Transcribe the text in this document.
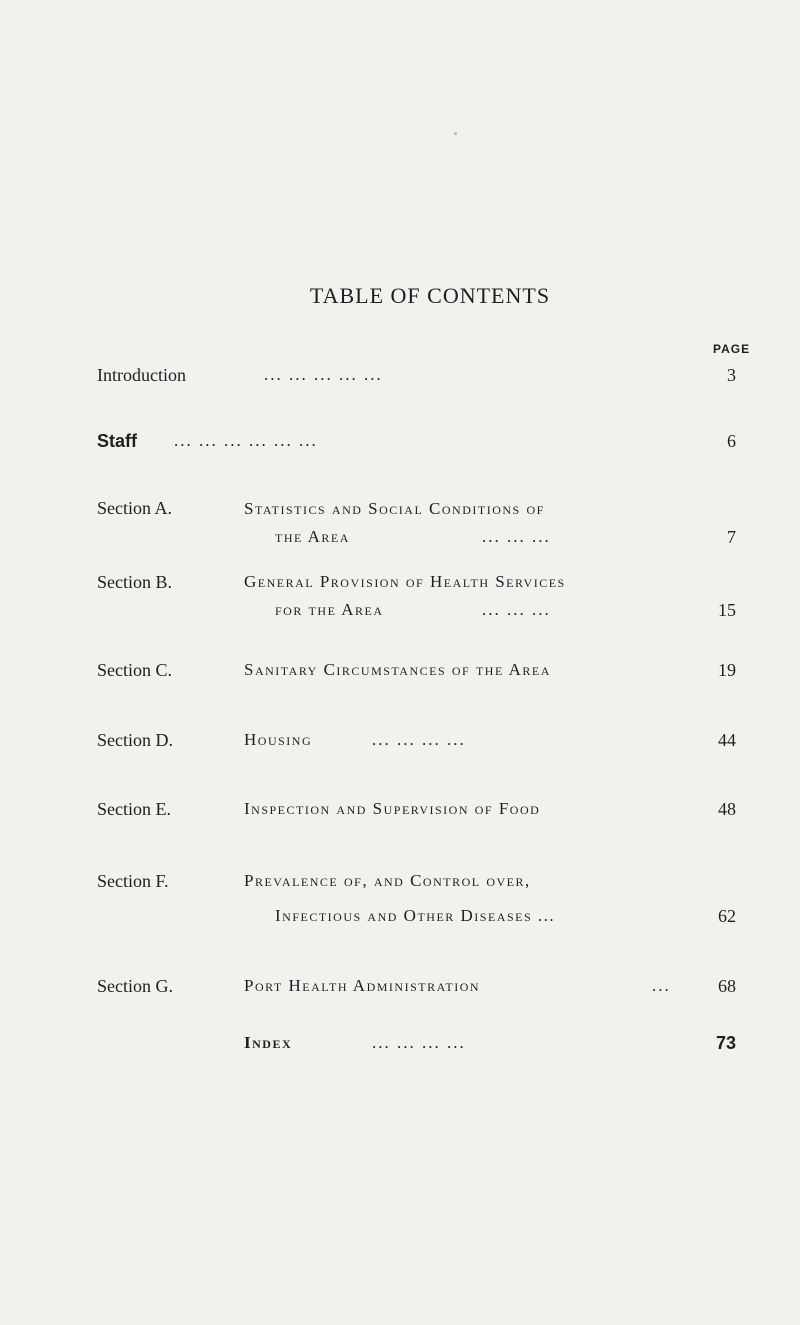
TABLE OF CONTENTS
PAGE
Introduction	... ... ... ... ...	3
Staff ... ... ... ... ... ...	6
Section A.	Statistics and Social Conditions of
the Area	... ... ...	7
Section B.	General Provision of Health Services
for the Area	... ... ...	15
Section C.	Sanitary Circumstances of the Area	19
Section D.	Housing	... ... ... ...	44
Section E.	Inspection and Supervision of Food	48
Section F.	Prevalence of, and Control over,
Infectious and Other Diseases ...	62
Section G.	Port Health Administration	...	68
Index	... ... ... ...	73
